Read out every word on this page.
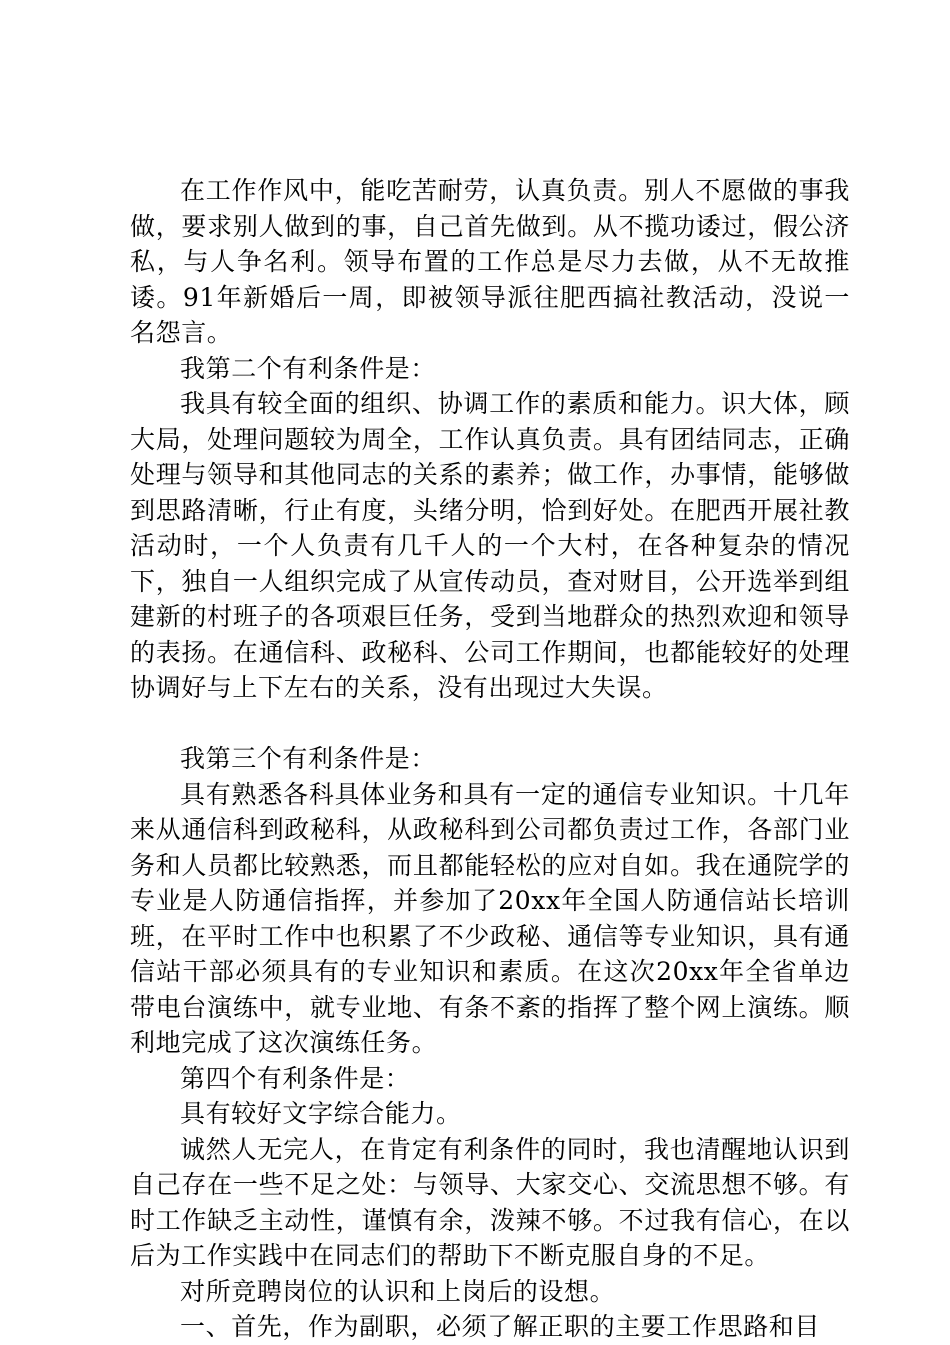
在工作作风中，能吃苦耐劳，认真负责。别人不愿做的事我做，要求别人做到的事，自己首先做到。从不揽功诿过，假公济私，与人争名利。领导布置的工作总是尽力去做，从不无故推诿。91年新婚后一周，即被领导派往肥西搞社教活动，没说一名怨言。

我第二个有利条件是：

我具有较全面的组织、协调工作的素质和能力。识大体，顾大局，处理问题较为周全，工作认真负责。具有团结同志，正确处理与领导和其他同志的关系的素养；做工作，办事情，能够做到思路清晰，行止有度，头绪分明，恰到好处。在肥西开展社教活动时，一个人负责有几千人的一个大村，在各种复杂的情况下，独自一人组织完成了从宣传动员，查对财目，公开选举到组建新的村班子的各项艰巨任务，受到当地群众的热烈欢迎和领导的表扬。在通信科、政秘科、公司工作期间，也都能较好的处理协调好与上下左右的关系，没有出现过大失误。

我第三个有利条件是：

具有熟悉各科具体业务和具有一定的通信专业知识。十几年来从通信科到政秘科，从政秘科到公司都负责过工作，各部门业务和人员都比较熟悉，而且都能轻松的应对自如。我在通院学的专业是人防通信指挥，并参加了20xx年全国人防通信站长培训班，在平时工作中也积累了不少政秘、通信等专业知识，具有通信站干部必须具有的专业知识和素质。在这次20xx年全省单边带电台演练中，就专业地、有条不紊的指挥了整个网上演练。顺利地完成了这次演练任务。

第四个有利条件是：

具有较好文字综合能力。

诚然人无完人，在肯定有利条件的同时，我也清醒地认识到自己存在一些不足之处：与领导、大家交心、交流思想不够。有时工作缺乏主动性，谨慎有余，泼辣不够。不过我有信心，在以后为工作实践中在同志们的帮助下不断克服自身的不足。

对所竞聘岗位的认识和上岗后的设想。

一、首先，作为副职，必须了解正职的主要工作思路和目
